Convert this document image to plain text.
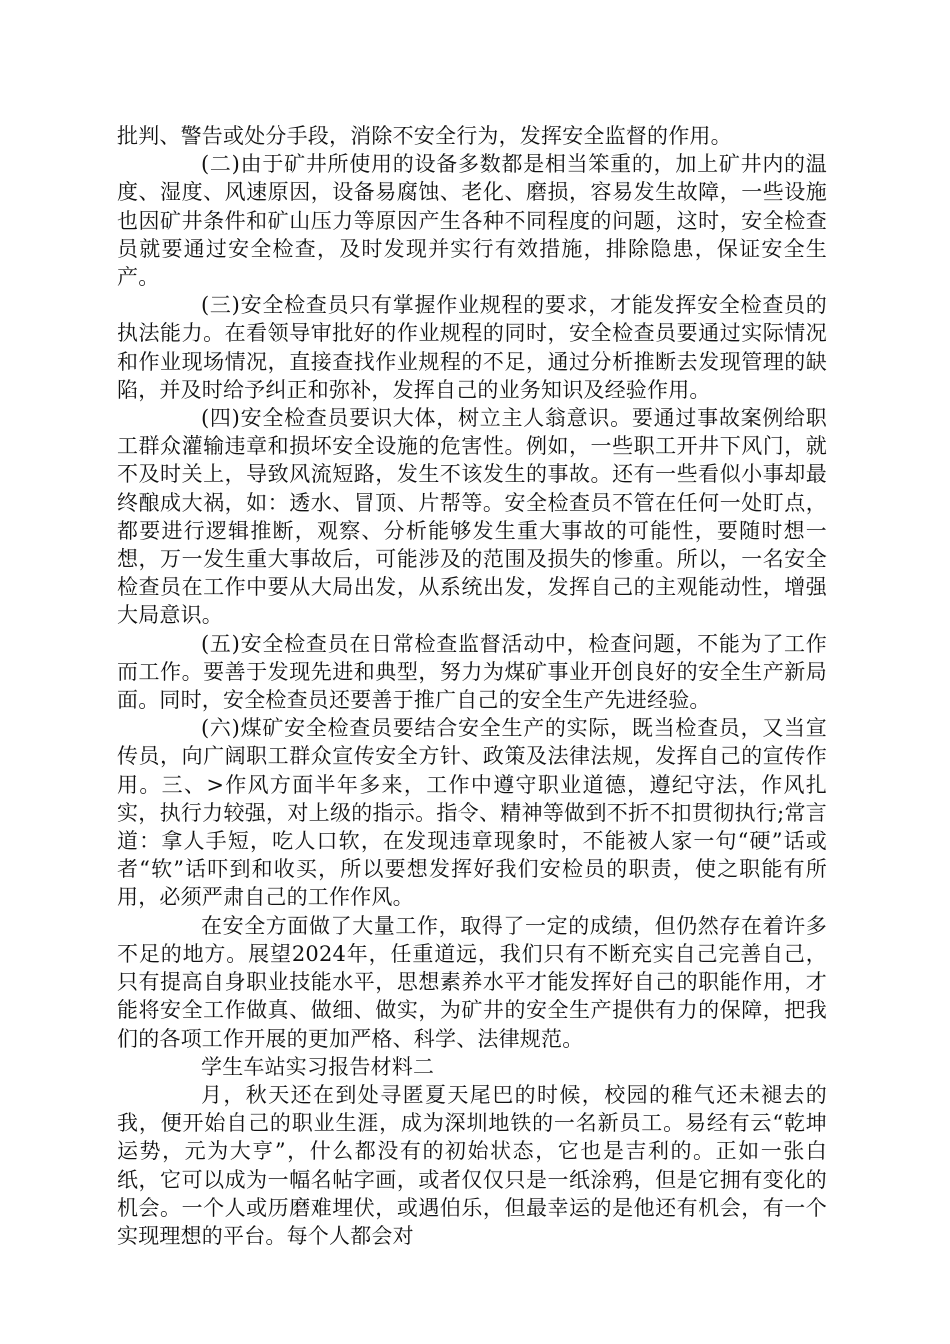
批判、警告或处分手段，消除不安全行为，发挥安全监督的作用。

(二)由于矿井所使用的设备多数都是相当笨重的，加上矿井内的温度、湿度、风速原因，设备易腐蚀、老化、磨损，容易发生故障，一些设施也因矿井条件和矿山压力等原因产生各种不同程度的问题，这时，安全检查员就要通过安全检查，及时发现并实行有效措施，排除隐患，保证安全生产。

(三)安全检查员只有掌握作业规程的要求，才能发挥安全检查员的执法能力。在看领导审批好的作业规程的同时，安全检查员要通过实际情况和作业现场情况，直接查找作业规程的不足，通过分析推断去发现管理的缺陷，并及时给予纠正和弥补，发挥自己的业务知识及经验作用。

(四)安全检查员要识大体，树立主人翁意识。要通过事故案例给职工群众灌输违章和损坏安全设施的危害性。例如，一些职工开井下风门，就不及时关上，导致风流短路，发生不该发生的事故。还有一些看似小事却最终酿成大祸，如：透水、冒顶、片帮等。安全检查员不管在任何一处盯点，都要进行逻辑推断，观察、分析能够发生重大事故的可能性，要随时想一想，万一发生重大事故后，可能涉及的范围及损失的惨重。所以，一名安全检查员在工作中要从大局出发，从系统出发，发挥自己的主观能动性，增强大局意识。

(五)安全检查员在日常检查监督活动中，检查问题，不能为了工作而工作。要善于发现先进和典型，努力为煤矿事业开创良好的安全生产新局面。同时，安全检查员还要善于推广自己的安全生产先进经验。

(六)煤矿安全检查员要结合安全生产的实际，既当检查员，又当宣传员，向广阔职工群众宣传安全方针、政策及法律法规，发挥自己的宣传作用。三、>作风方面半年多来，工作中遵守职业道德，遵纪守法，作风扎实，执行力较强，对上级的指示。指令、精神等做到不折不扣贯彻执行;常言道：拿人手短，吃人口软，在发现违章现象时，不能被人家一句“硬”话或者“软”话吓到和收买，所以要想发挥好我们安检员的职责，使之职能有所用，必须严肃自己的工作作风。

在安全方面做了大量工作，取得了一定的成绩，但仍然存在着许多不足的地方。展望2024年，任重道远，我们只有不断充实自己完善自己，只有提高自身职业技能水平，思想素养水平才能发挥好自己的职能作用，才能将安全工作做真、做细、做实，为矿井的安全生产提供有力的保障，把我们的各项工作开展的更加严格、科学、法律规范。

学生车站实习报告材料二

月，秋天还在到处寻匿夏天尾巴的时候，校园的稚气还未褪去的我，便开始自己的职业生涯，成为深圳地铁的一名新员工。易经有云“乾坤运势，元为大亨”，什么都没有的初始状态，它也是吉利的。正如一张白纸，它可以成为一幅名帖字画，或者仅仅只是一纸涂鸦，但是它拥有变化的机会。一个人或历磨难埋伏，或遇伯乐，但最幸运的是他还有机会，有一个实现理想的平台。每个人都会对
